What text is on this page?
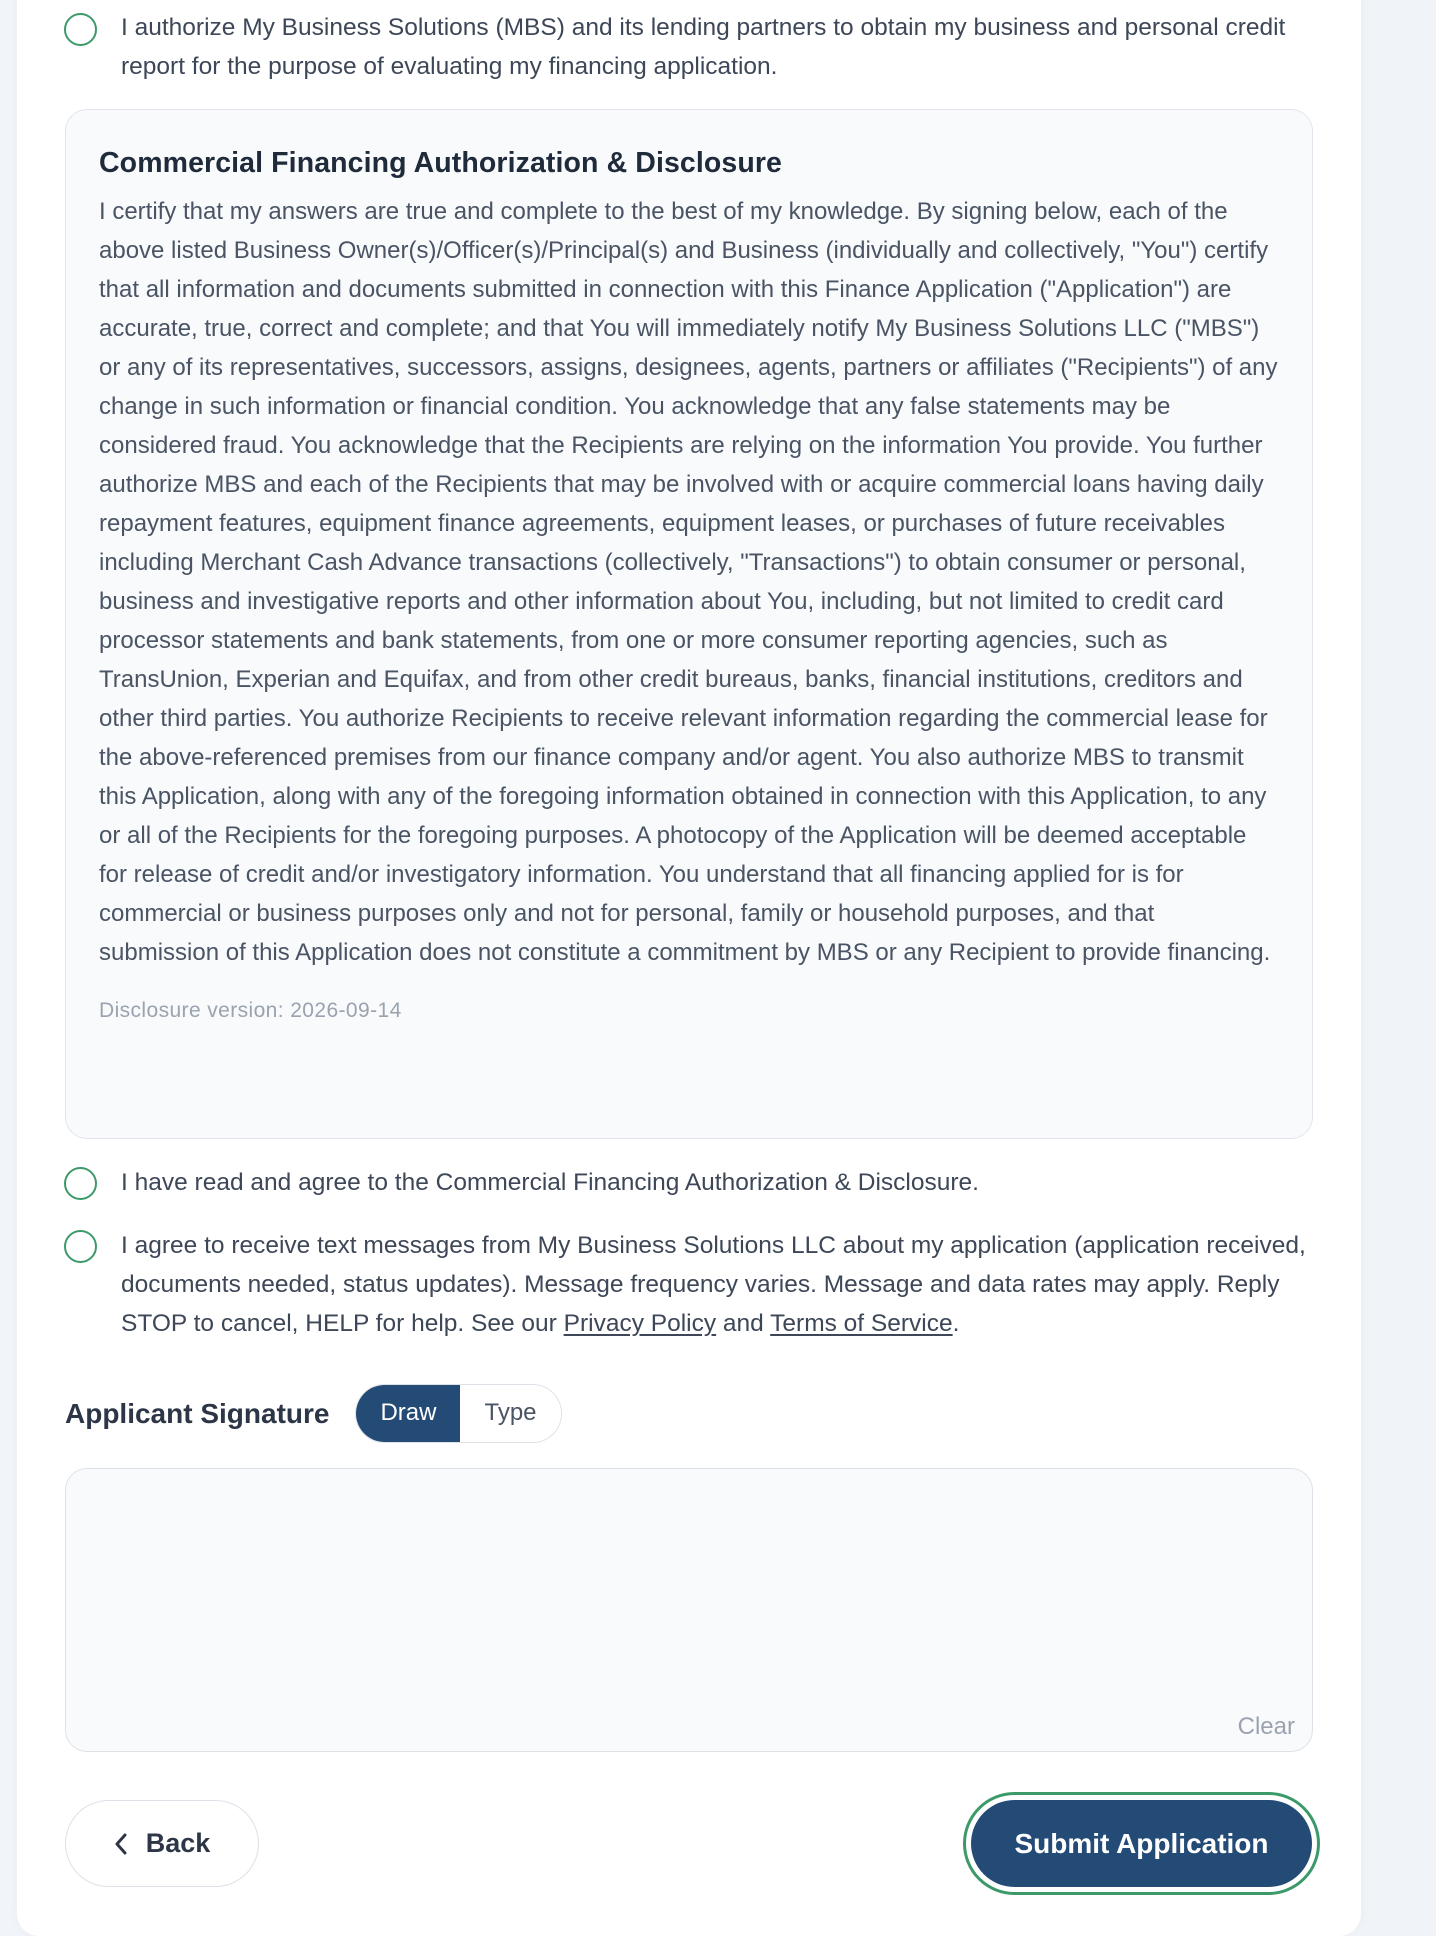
I authorize My Business Solutions (MBS) and its lending partners to obtain my business and personal credit report for the purpose of evaluating my financing application.
Commercial Financing Authorization & Disclosure
I certify that my answers are true and complete to the best of my knowledge. By signing below, each of the above listed Business Owner(s)/Officer(s)/Principal(s) and Business (individually and collectively, "You") certify that all information and documents submitted in connection with this Finance Application ("Application") are accurate, true, correct and complete; and that You will immediately notify My Business Solutions LLC ("MBS") or any of its representatives, successors, assigns, designees, agents, partners or affiliates ("Recipients") of any change in such information or financial condition. You acknowledge that any false statements may be considered fraud. You acknowledge that the Recipients are relying on the information You provide. You further authorize MBS and each of the Recipients that may be involved with or acquire commercial loans having daily repayment features, equipment finance agreements, equipment leases, or purchases of future receivables including Merchant Cash Advance transactions (collectively, "Transactions") to obtain consumer or personal, business and investigative reports and other information about You, including, but not limited to credit card processor statements and bank statements, from one or more consumer reporting agencies, such as TransUnion, Experian and Equifax, and from other credit bureaus, banks, financial institutions, creditors and other third parties. You authorize Recipients to receive relevant information regarding the commercial lease for the above-referenced premises from our finance company and/or agent. You also authorize MBS to transmit this Application, along with any of the foregoing information obtained in connection with this Application, to any or all of the Recipients for the foregoing purposes. A photocopy of the Application will be deemed acceptable for release of credit and/or investigatory information. You understand that all financing applied for is for commercial or business purposes only and not for personal, family or household purposes, and that submission of this Application does not constitute a commitment by MBS or any Recipient to provide financing.
Disclosure version: 2026-09-14
I have read and agree to the Commercial Financing Authorization & Disclosure.
I agree to receive text messages from My Business Solutions LLC about my application (application received, documents needed, status updates). Message frequency varies. Message and data rates may apply. Reply STOP to cancel, HELP for help. See our Privacy Policy and Terms of Service.
Applicant Signature	Draw	Type
Clear
Back	Submit Application
